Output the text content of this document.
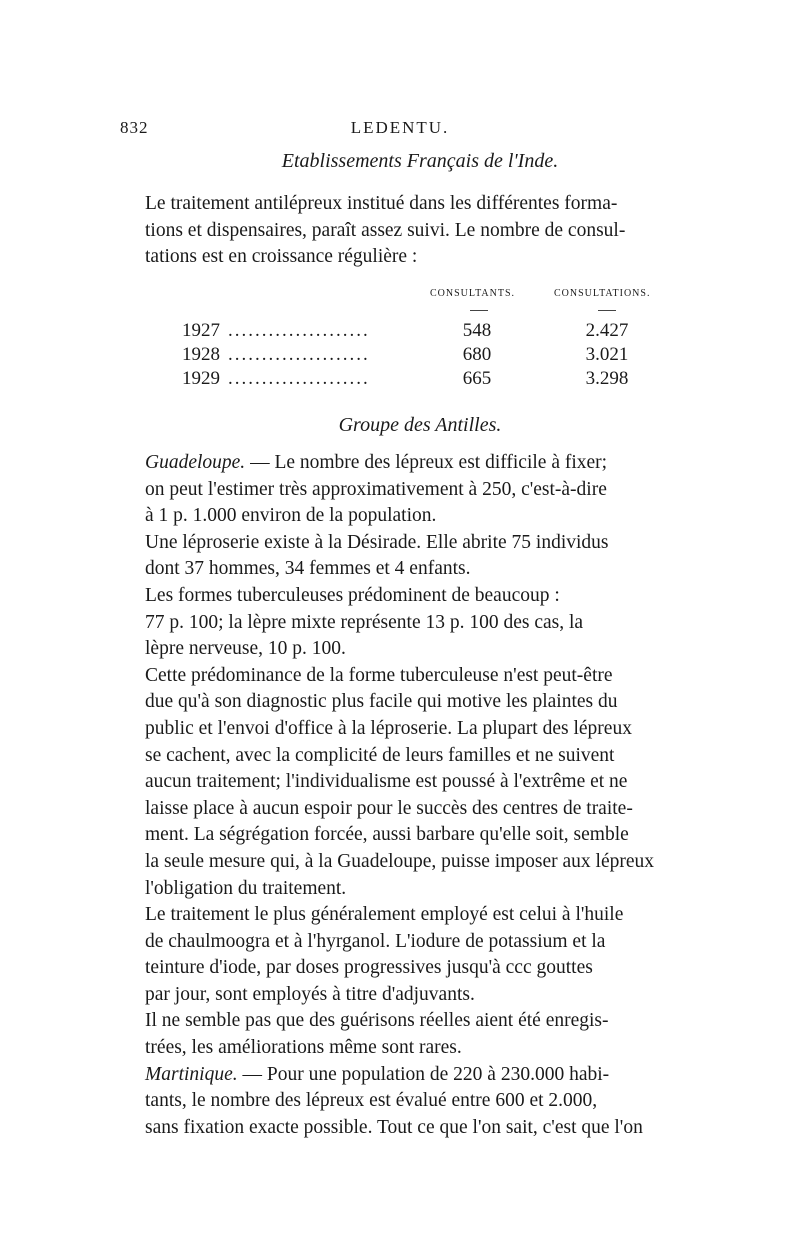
832	LEDENTU.
Etablissements Français de l'Inde.

Le traitement antilépreux institué dans les différentes forma-

tions et dispensaires, paraît assez suivi. Le nombre de consul-

tations est en croissance régulière :

CONSULTANTS.	CONSULTATIONS.
1927 .....................	548	2.427
1928 .....................	680	3.021
1929 .....................	665	3.298
Groupe des Antilles.

Guadeloupe. — Le nombre des lépreux est difficile à fixer;

on peut l'estimer très approximativement à 250, c'est-à-dire

à 1 p. 1.000 environ de la population.

Une léproserie existe à la Désirade. Elle abrite 75 individus

dont 37 hommes, 34 femmes et 4 enfants.

Les formes tuberculeuses prédominent de beaucoup :

77 p. 100; la lèpre mixte représente 13 p. 100 des cas, la

lèpre nerveuse, 10 p. 100.

Cette prédominance de la forme tuberculeuse n'est peut-être

due qu'à son diagnostic plus facile qui motive les plaintes du

public et l'envoi d'office à la léproserie. La plupart des lépreux

se cachent, avec la complicité de leurs familles et ne suivent

aucun traitement; l'individualisme est poussé à l'extrême et ne

laisse place à aucun espoir pour le succès des centres de traite-

ment. La ségrégation forcée, aussi barbare qu'elle soit, semble

la seule mesure qui, à la Guadeloupe, puisse imposer aux lépreux

l'obligation du traitement.

Le traitement le plus généralement employé est celui à l'huile

de chaulmoogra et à l'hyrganol. L'iodure de potassium et la

teinture d'iode, par doses progressives jusqu'à ccc gouttes

par jour, sont employés à titre d'adjuvants.

Il ne semble pas que des guérisons réelles aient été enregis-

trées, les améliorations même sont rares.

Martinique. — Pour une population de 220 à 230.000 habi-

tants, le nombre des lépreux est évalué entre 600 et 2.000,

sans fixation exacte possible. Tout ce que l'on sait, c'est que l'on
